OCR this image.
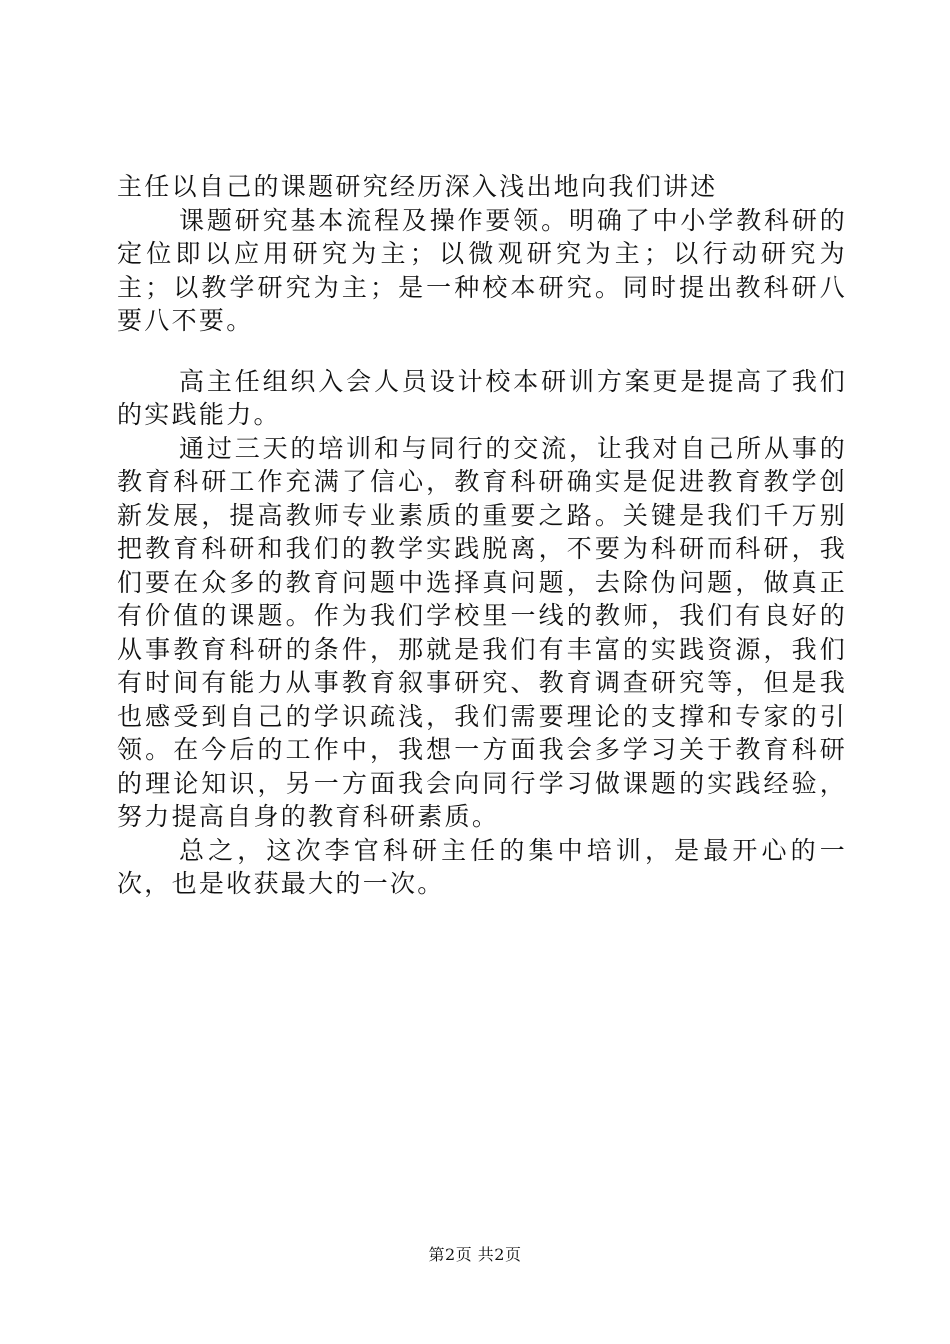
主任以自己的课题研究经历深入浅出地向我们讲述

课题研究基本流程及操作要领。明确了中小学教科研的定位即以应用研究为主；以微观研究为主；以行动研究为主；以教学研究为主；是一种校本研究。同时提出教科研八要八不要。

高主任组织入会人员设计校本研训方案更是提高了我们的实践能力。

通过三天的培训和与同行的交流，让我对自己所从事的教育科研工作充满了信心，教育科研确实是促进教育教学创新发展，提高教师专业素质的重要之路。关键是我们千万别把教育科研和我们的教学实践脱离，不要为科研而科研，我们要在众多的教育问题中选择真问题，去除伪问题，做真正有价值的课题。作为我们学校里一线的教师，我们有良好的从事教育科研的条件，那就是我们有丰富的实践资源，我们有时间有能力从事教育叙事研究、教育调查研究等，但是我也感受到自己的学识疏浅，我们需要理论的支撑和专家的引领。在今后的工作中，我想一方面我会多学习关于教育科研的理论知识，另一方面我会向同行学习做课题的实践经验，努力提高自身的教育科研素质。

总之，这次李官科研主任的集中培训，是最开心的一次，也是收获最大的一次。

第2页 共2页
